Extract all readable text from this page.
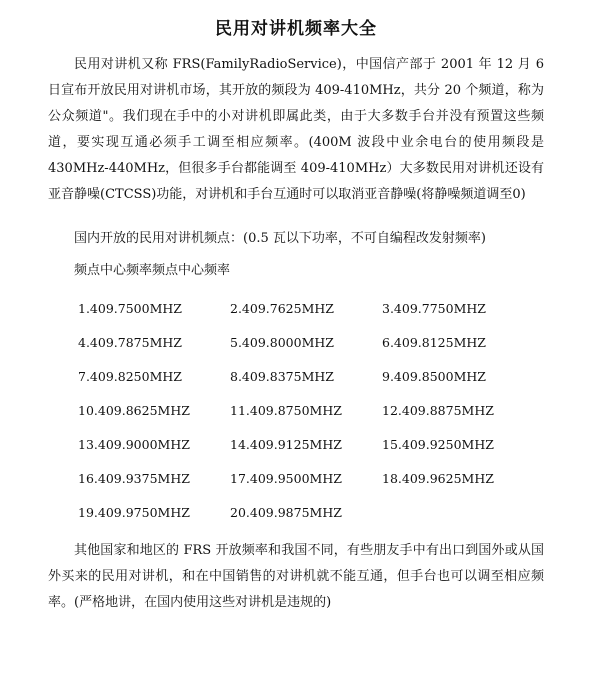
民用对讲机频率大全

民用对讲机又称 FRS(FamilyRadioService)，中国信产部于 2001 年 12 月 6 日宣布开放民用对讲机市场，其开放的频段为 409-410MHz，共分 20 个频道，称为公众频道"。我们现在手中的小对讲机即属此类，由于大多数手台并没有预置这些频道，要实现互通必须手工调至相应频率。(400M 波段中业余电台的使用频段是430MHz-440MHz，但很多手台都能调至 409-410MHz）大多数民用对讲机还设有亚音静噪(CTCSS)功能，对讲机和手台互通时可以取消亚音静噪(将静噪频道调至0)

国内开放的民用对讲机频点：(0.5 瓦以下功率，不可自编程改发射频率)

频点中心频率频点中心频率

1.409.7500MHZ	2.409.7625MHZ	3.409.7750MHZ
4.409.7875MHZ	5.409.8000MHZ	6.409.8125MHZ
7.409.8250MHZ	8.409.8375MHZ	9.409.8500MHZ
10.409.8625MHZ	11.409.8750MHZ	12.409.8875MHZ
13.409.9000MHZ	14.409.9125MHZ	15.409.9250MHZ
16.409.9375MHZ	17.409.9500MHZ	18.409.9625MHZ
19.409.9750MHZ	20.409.9875MHZ

其他国家和地区的 FRS 开放频率和我国不同，有些朋友手中有出口到国外或从国外买来的民用对讲机，和在中国销售的对讲机就不能互通，但手台也可以调至相应频率。(严格地讲，在国内使用这些对讲机是违规的)
